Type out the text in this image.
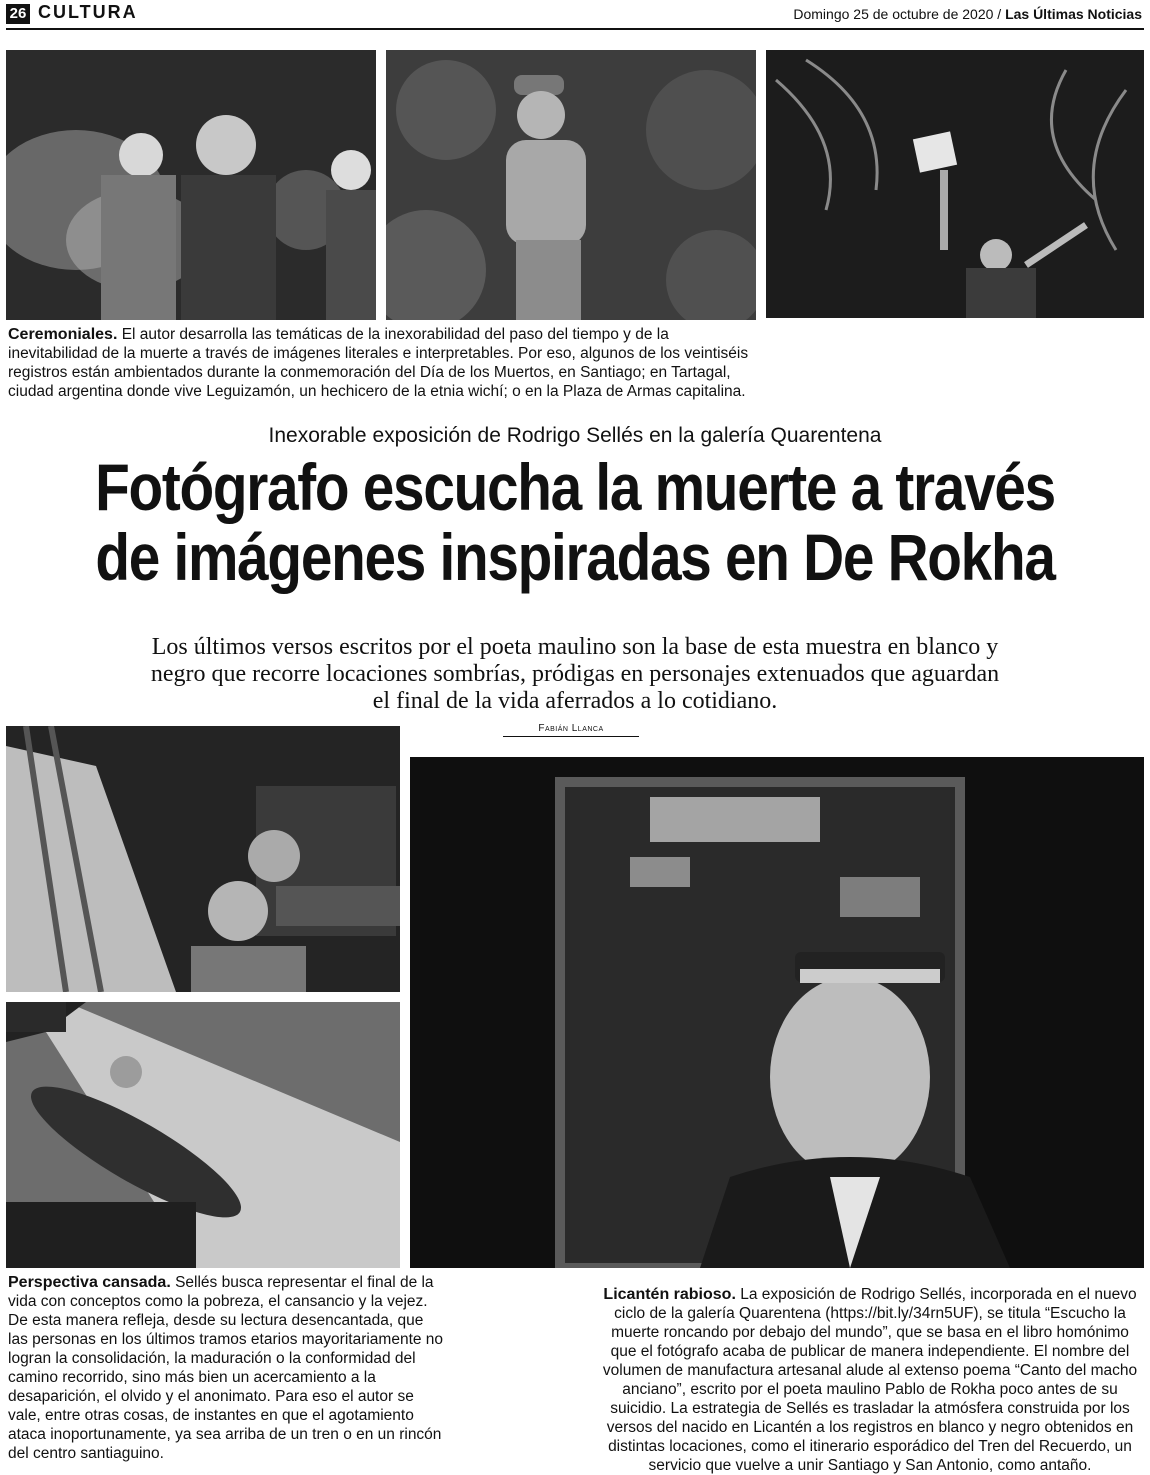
26 CULTURA	Domingo 25 de octubre de 2020 / Las Últimas Noticias
Ceremoniales. El autor desarrolla las temáticas de la inexorabilidad del paso del tiempo y de la inevitabilidad de la muerte a través de imágenes literales e interpretables. Por eso, algunos de los veintiséis registros están ambientados durante la conmemoración del Día de los Muertos, en Santiago; en Tartagal, ciudad argentina donde vive Leguizamón, un hechicero de la etnia wichí; o en la Plaza de Armas capitalina.
Inexorable exposición de Rodrigo Sellés en la galería Quarentena
Fotógrafo escucha la muerte a través
de imágenes inspiradas en De Rokha
Los últimos versos escritos por el poeta maulino son la base de esta muestra en blanco y negro que recorre locaciones sombrías, pródigas en personajes extenuados que aguardan el final de la vida aferrados a lo cotidiano.
Fabián Llanca
Perspectiva cansada. Sellés busca representar el final de la vida con conceptos como la pobreza, el cansancio y la vejez. De esta manera refleja, desde su lectura desencantada, que las personas en los últimos tramos etarios mayoritariamente no logran la consolidación, la maduración o la conformidad del camino recorrido, sino más bien un acercamiento a la desaparición, el olvido y el anonimato. Para eso el autor se vale, entre otras cosas, de instantes en que el agotamiento ataca inoportunamente, ya sea arriba de un tren o en un rincón del centro santiaguino.
Licantén rabioso. La exposición de Rodrigo Sellés, incorporada en el nuevo ciclo de la galería Quarentena (https://bit.ly/34rn5UF), se titula “Escucho la muerte roncando por debajo del mundo”, que se basa en el libro homónimo que el fotógrafo acaba de publicar de manera independiente. El nombre del volumen de manufactura artesanal alude al extenso poema “Canto del macho anciano”, escrito por el poeta maulino Pablo de Rokha poco antes de su suicidio. La estrategia de Sellés es trasladar la atmósfera construida por los versos del nacido en Licantén a los registros en blanco y negro obtenidos en distintas locaciones, como el itinerario esporádico del Tren del Recuerdo, un servicio que vuelve a unir Santiago y San Antonio, como antaño.
